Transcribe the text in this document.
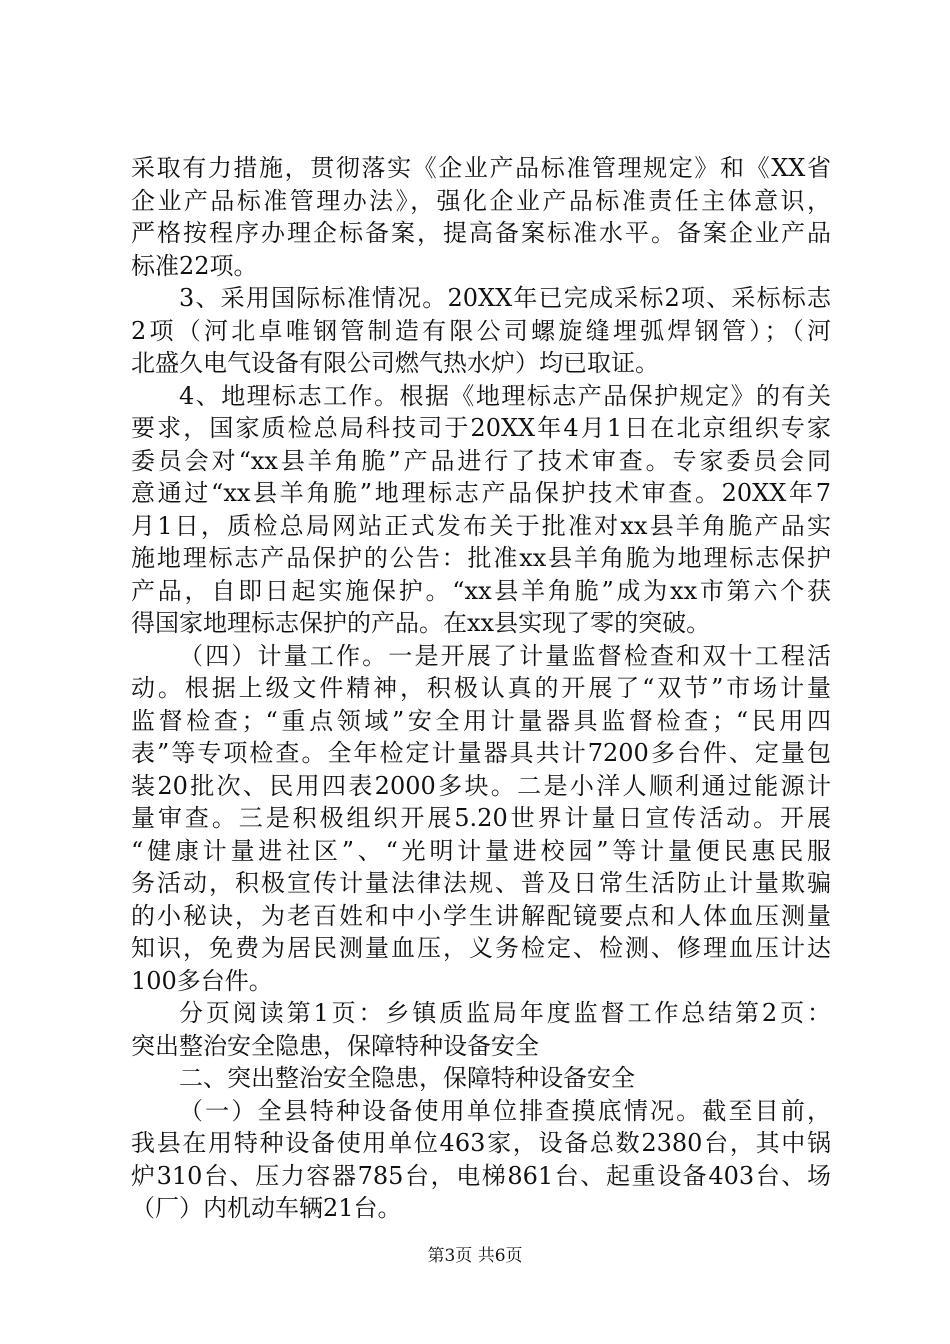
采取有力措施，贯彻落实《企业产品标准管理规定》和《XX省
企业产品标准管理办法》，强化企业产品标准责任主体意识，
严格按程序办理企标备案，提高备案标准水平。备案企业产品
标准22项。
3、采用国际标准情况。20XX年已完成采标2项、采标标志
2项（河北卓唯钢管制造有限公司螺旋缝埋弧焊钢管）；（河
北盛久电气设备有限公司燃气热水炉）均已取证。
4、地理标志工作。根据《地理标志产品保护规定》的有关
要求，国家质检总局科技司于20XX年4月1日在北京组织专家
委员会对“xx县羊角脆”产品进行了技术审查。专家委员会同
意通过“xx县羊角脆”地理标志产品保护技术审查。20XX年7
月1日，质检总局网站正式发布关于批准对xx县羊角脆产品实
施地理标志产品保护的公告：批准xx县羊角脆为地理标志保护
产品，自即日起实施保护。“xx县羊角脆”成为xx市第六个获
得国家地理标志保护的产品。在xx县实现了零的突破。
（四）计量工作。一是开展了计量监督检查和双十工程活
动。根据上级文件精神，积极认真的开展了“双节”市场计量
监督检查；“重点领域”安全用计量器具监督检查；“民用四
表”等专项检查。全年检定计量器具共计7200多台件、定量包
装20批次、民用四表2000多块。二是小洋人顺利通过能源计
量审查。三是积极组织开展5.20世界计量日宣传活动。开展
“健康计量进社区”、“光明计量进校园”等计量便民惠民服
务活动，积极宣传计量法律法规、普及日常生活防止计量欺骗
的小秘诀，为老百姓和中小学生讲解配镜要点和人体血压测量
知识，免费为居民测量血压，义务检定、检测、修理血压计达
100多台件。
分页阅读第1页：乡镇质监局年度监督工作总结第2页：
突出整治安全隐患，保障特种设备安全
二、突出整治安全隐患，保障特种设备安全
（一）全县特种设备使用单位排查摸底情况。截至目前，
我县在用特种设备使用单位463家，设备总数2380台，其中锅
炉310台、压力容器785台，电梯861台、起重设备403台、场
（厂）内机动车辆21台。
第3页 共6页
